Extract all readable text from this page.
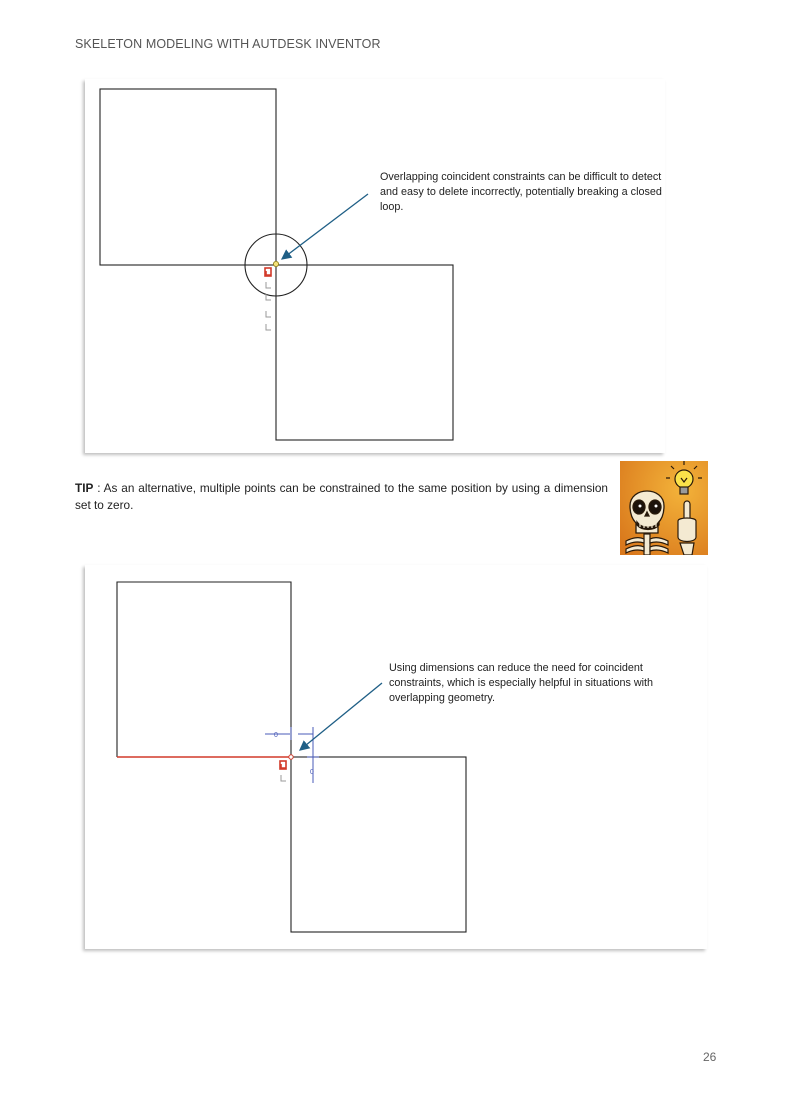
SKELETON MODELING WITH AUTDESK INVENTOR
Overlapping coincident constraints can be difficult to detect and easy to delete incorrectly, potentially breaking a closed loop.
TIP : As an alternative, multiple points can be constrained to the same position by using a dimension set to zero.
0
0
Using dimensions can reduce the need for coincident constraints, which is especially helpful in situations with overlapping geometry.
26
